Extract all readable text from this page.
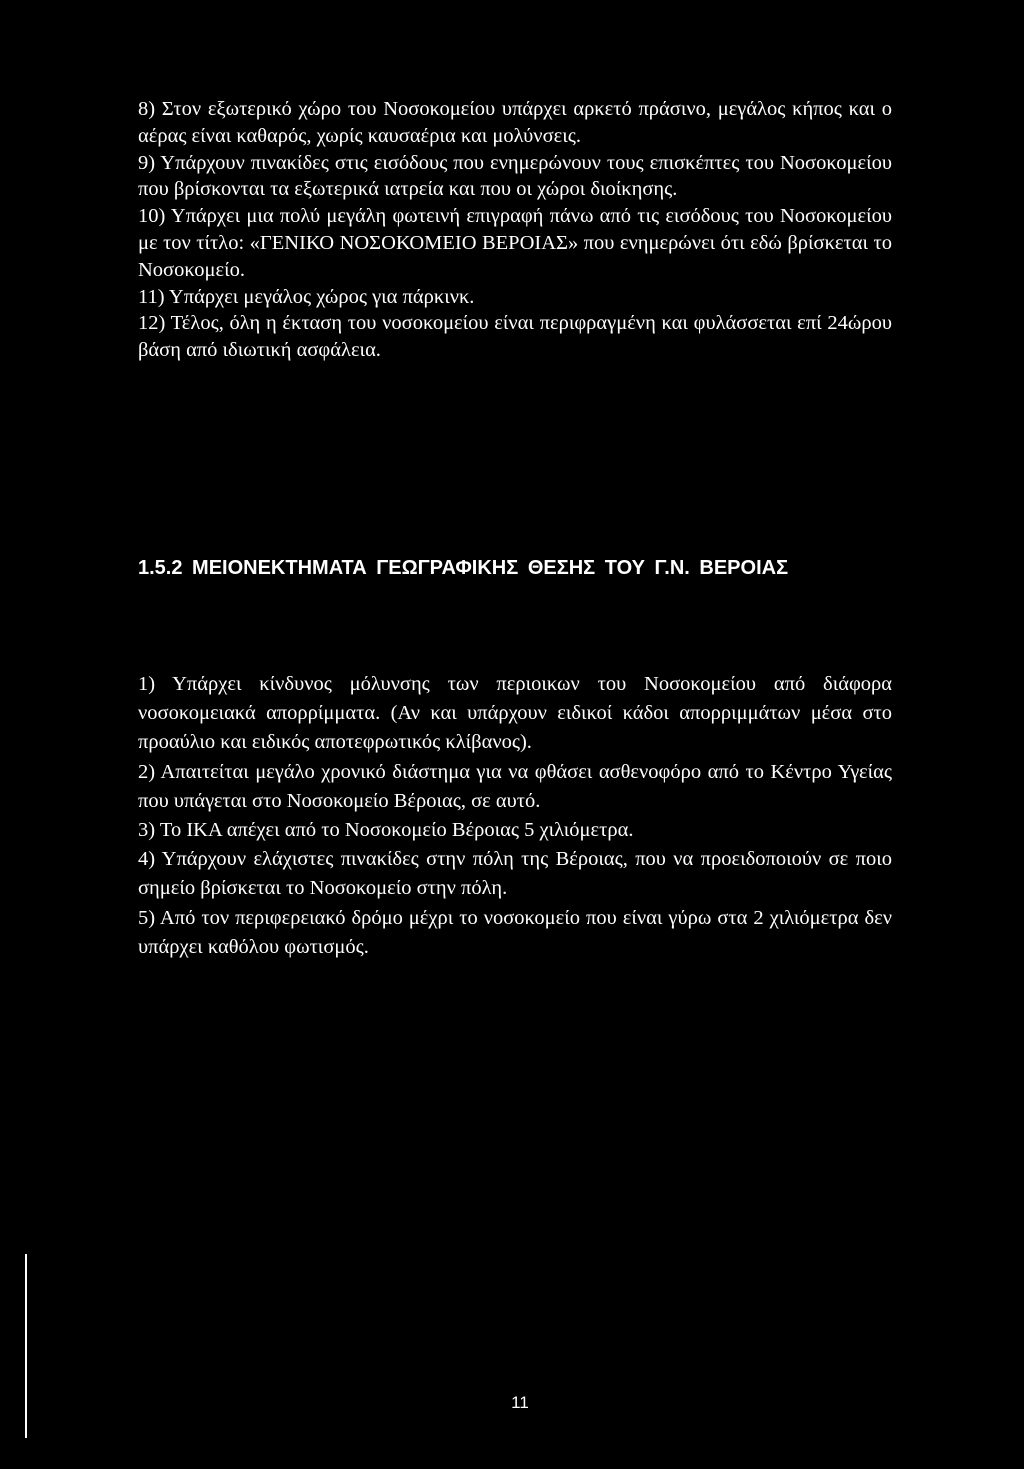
8) Στον εξωτερικό χώρο του Νοσοκομείου υπάρχει αρκετό πράσινο, μεγάλος κήπος και ο αέρας είναι καθαρός, χωρίς καυσαέρια και μολύνσεις.

9) Υπάρχουν πινακίδες στις εισόδους που ενημερώνουν τους επισκέπτες του Νοσοκομείου που βρίσκονται τα εξωτερικά ιατρεία και που οι χώροι διοίκησης.

10) Υπάρχει μια πολύ μεγάλη φωτεινή επιγραφή πάνω από τις εισόδους του Νοσοκομείου με τον τίτλο: «ΓΕΝΙΚΟ ΝΟΣΟΚΟΜΕΙΟ ΒΕΡΟΙΑΣ» που ενημερώνει ότι εδώ βρίσκεται το Νοσοκομείο.

11) Υπάρχει μεγάλος χώρος για πάρκινκ.

12) Τέλος, όλη η έκταση του νοσοκομείου είναι περιφραγμένη και φυλάσσεται επί 24ώρου βάση από ιδιωτική ασφάλεια.

1.5.2 ΜΕΙΟΝΕΚΤΗΜΑΤΑ ΓΕΩΓΡΑΦΙΚΗΣ ΘΕΣΗΣ ΤΟΥ Γ.Ν. ΒΕΡΟΙΑΣ

1) Υπάρχει κίνδυνος μόλυνσης των περιοικων του Νοσοκομείου από διάφορα νοσοκομειακά απορρίμματα. (Αν και υπάρχουν ειδικοί κάδοι απορριμμάτων μέσα στο προαύλιο και ειδικός αποτεφρωτικός κλίβανος).

2) Απαιτείται μεγάλο χρονικό διάστημα για να φθάσει ασθενοφόρο από το Κέντρο Υγείας που υπάγεται στο Νοσοκομείο Βέροιας, σε αυτό.

3) Το ΙΚΑ απέχει από το Νοσοκομείο Βέροιας 5 χιλιόμετρα.

4) Υπάρχουν ελάχιστες πινακίδες στην πόλη της Βέροιας, που να προειδοποιούν σε ποιο σημείο βρίσκεται το Νοσοκομείο στην πόλη.

5) Από τον περιφερειακό δρόμο μέχρι το νοσοκομείο που είναι γύρω στα 2 χιλιόμετρα δεν υπάρχει καθόλου φωτισμός.

11
